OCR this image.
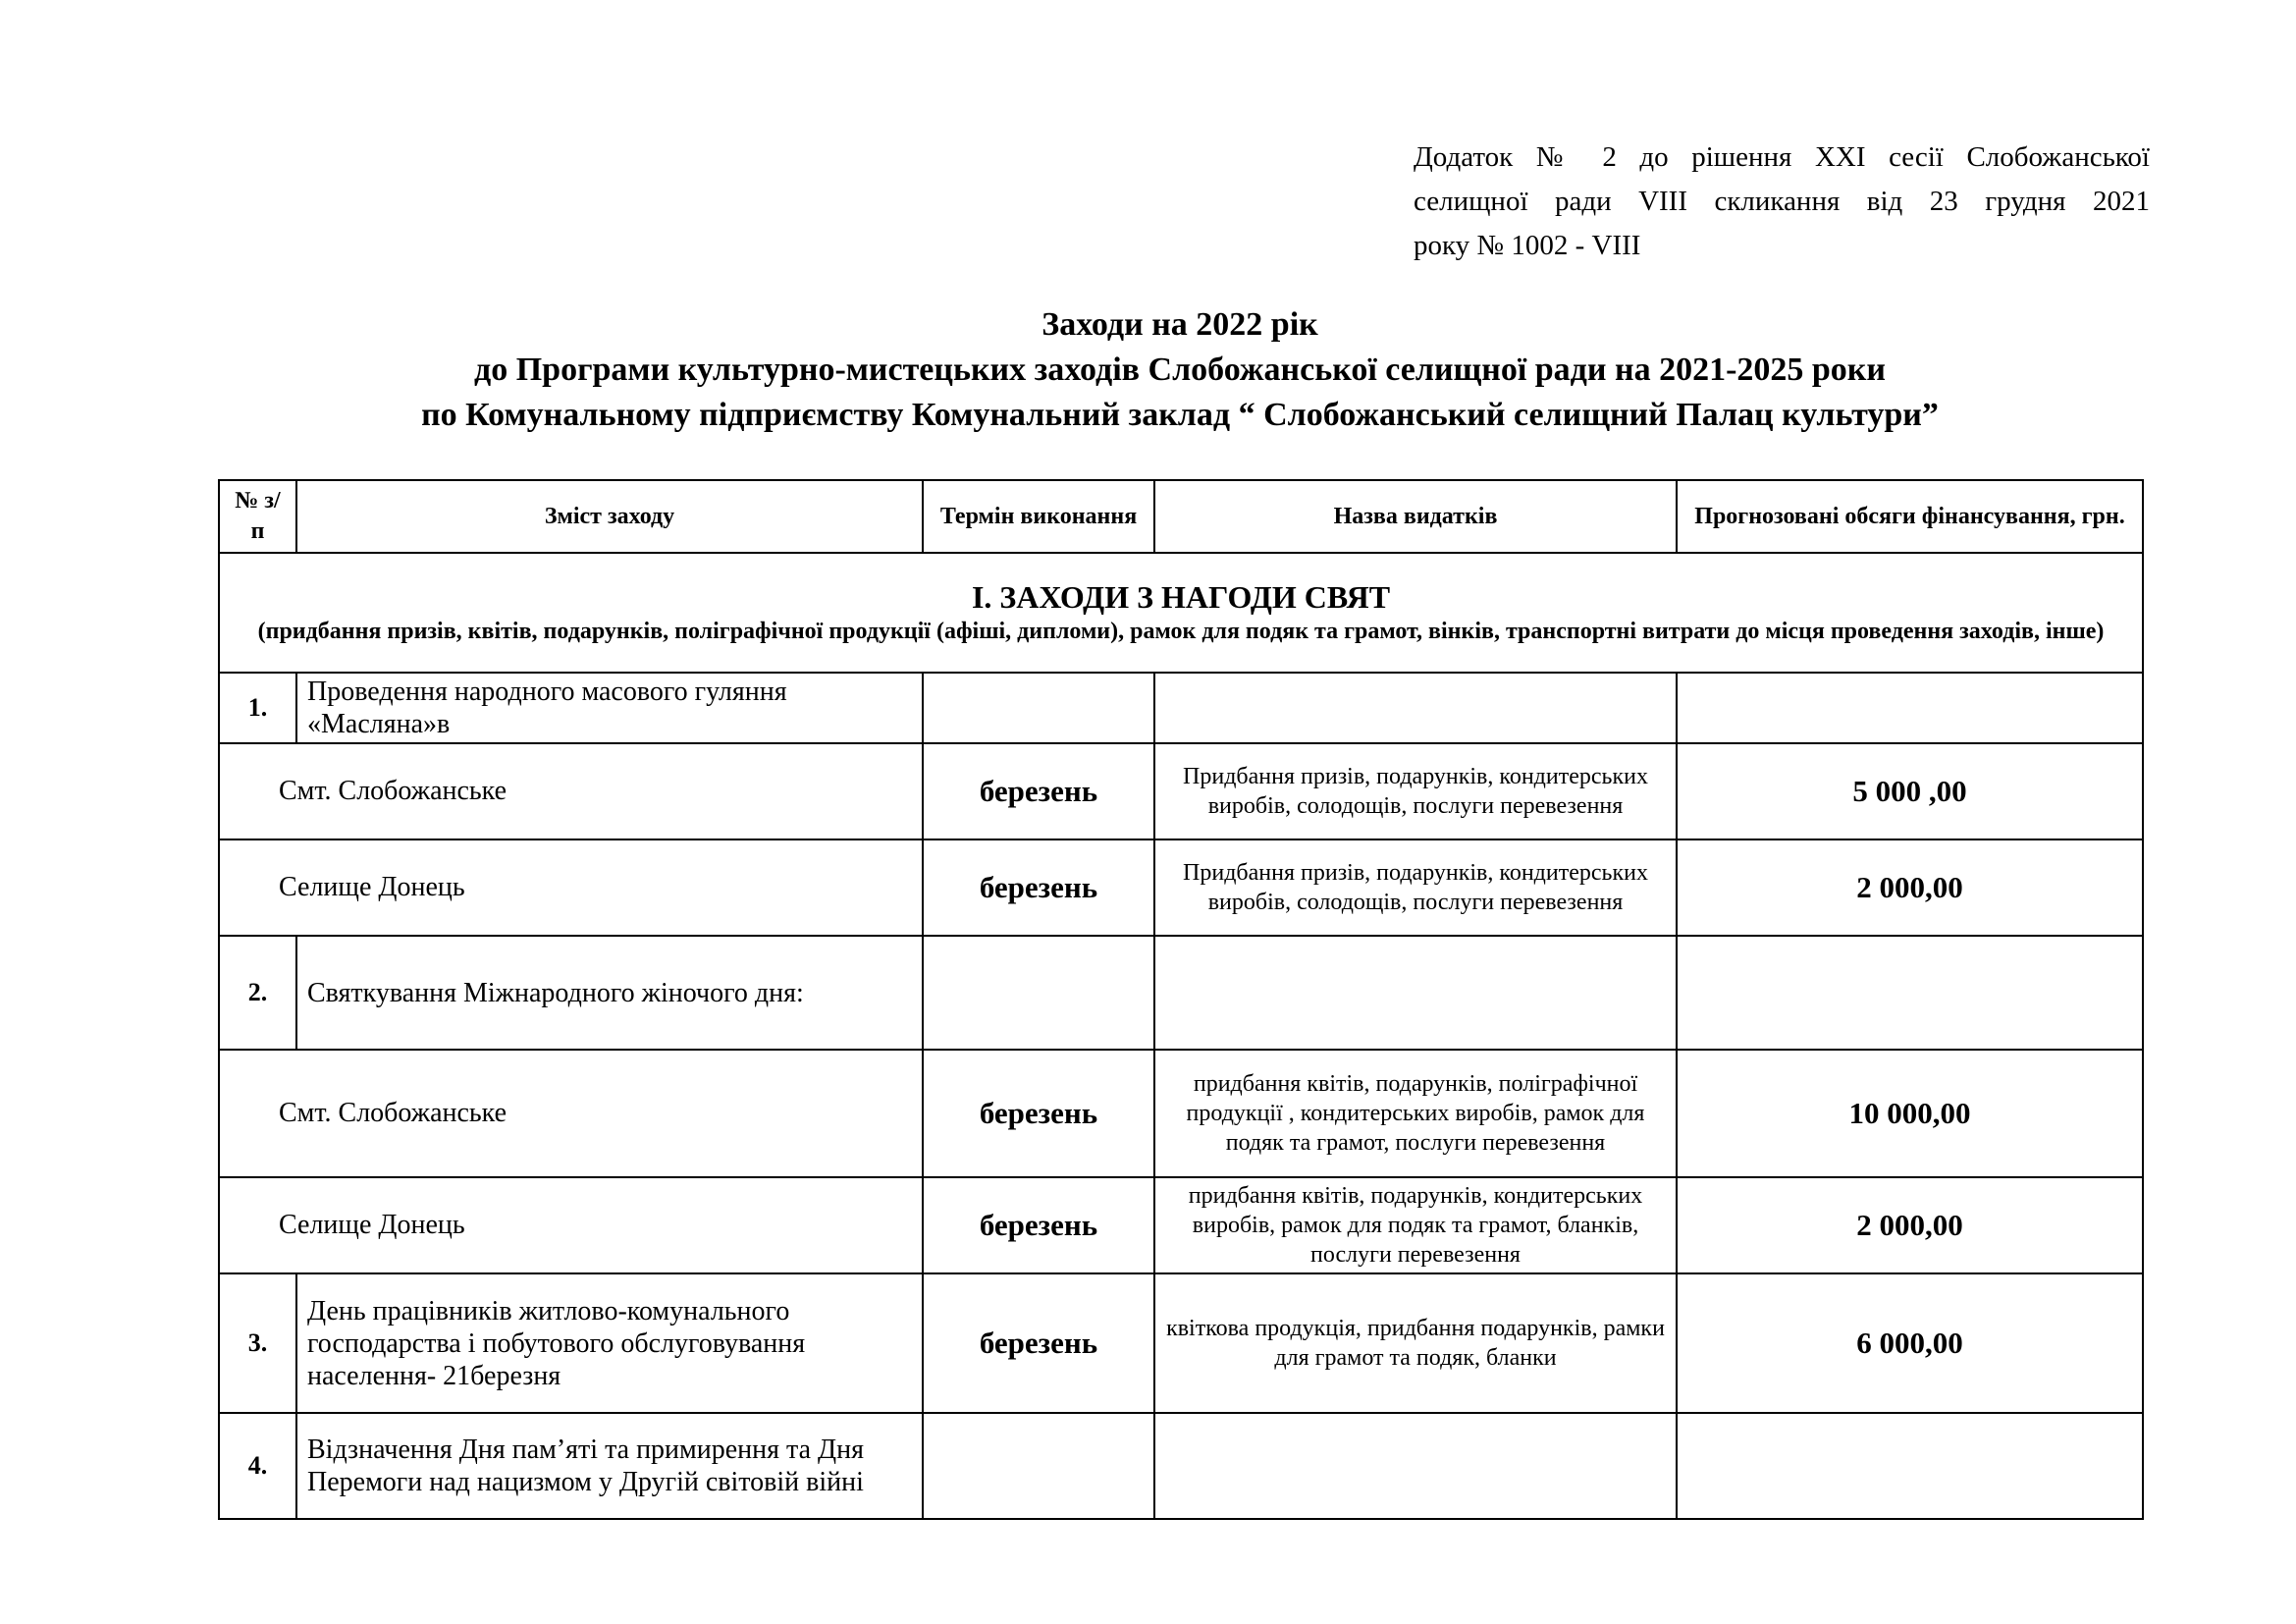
Додаток № 2 до рішення XXI сесії Слобожанської
селищної ради VIII скликання від 23 грудня 2021
року № 1002 - VIII
Заходи на 2022 рік
до Програми культурно-мистецьких заходів Слобожанської селищної ради на 2021-2025 роки
по Комунальному підприємству Комунальний заклад “ Слобожанський селищний Палац культури”
№ з/п	Зміст заходу	Термін виконання	Назва видатків	Прогнозовані обсяги фінансування, грн.

І. ЗАХОДИ З НАГОДИ СВЯТ
(придбання призів, квітів, подарунків, поліграфічної продукції (афіші, дипломи), рамок для подяк та грамот, вінків, транспортні витрати до місця проведення заходів, інше)				

1.	Проведення народного масового гуляння «Масляна»в			
Смт. Слобожанське		березень	Придбання призів, подарунків, кондитерських виробів, солодощів, послуги перевезення	5 000 ,00
Селище Донець		березень	Придбання призів, подарунків, кондитерських виробів, солодощів, послуги перевезення	2 000,00
2.	Святкування Міжнародного жіночого дня:			
Смт. Слобожанське		березень	придбання квітів, подарунків, поліграфічної продукції , кондитерських виробів, рамок для подяк та грамот, послуги перевезення	10 000,00
Селище Донець		березень	придбання квітів, подарунків, кондитерських виробів, рамок для подяк та грамот, бланків, послуги перевезення	2 000,00
3.	День працівників житлово-комунального господарства і побутового обслуговування населення- 21березня	березень	квіткова продукція, придбання подарунків, рамки для грамот та подяк, бланки	6 000,00
4.	Відзначення Дня пам’яті та примирення та Дня Перемоги над нацизмом у Другій світовій війні			
